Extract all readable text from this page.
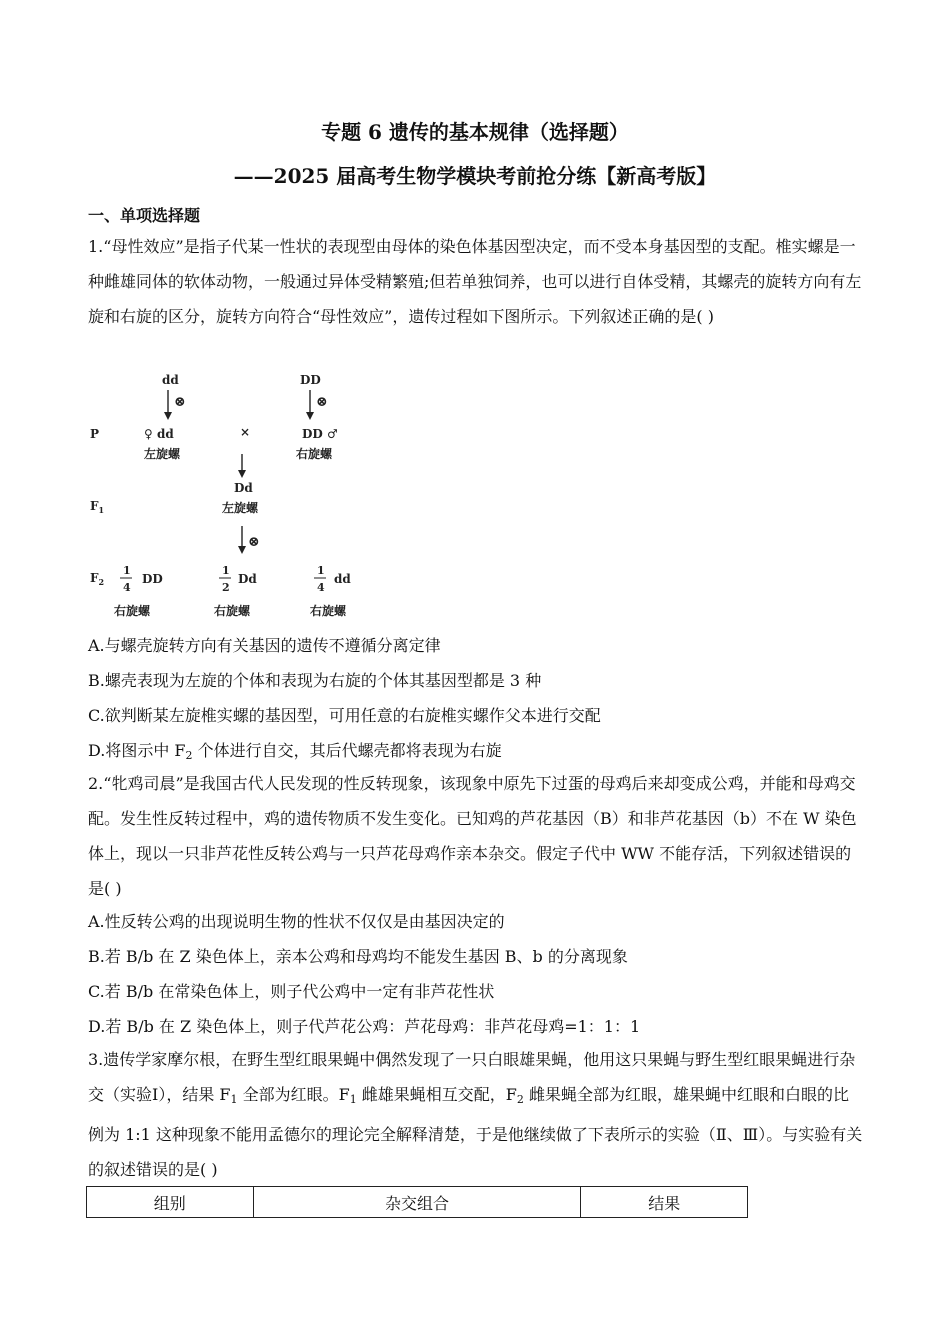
专题 6 遗传的基本规律（选择题）
——2025 届高考生物学模块考前抢分练【新高考版】
一、单项选择题
1.“母性效应”是指子代某一性状的表现型由母体的染色体基因型决定，而不受本身基因型的支配。椎实螺是一种雌雄同体的软体动物，一般通过异体受精繁殖;但若单独饲养，也可以进行自体受精，其螺壳的旋转方向有左旋和右旋的区分，旋转方向符合“母性效应”，遗传过程如下图所示。下列叙述正确的是( )
dd	DD
⊗	⊗
P	♀ dd	×	DD ♂
左旋螺	右旋螺
Dd
$F_1$	左旋螺
⊗
$F_2$
1
4
DD
右旋螺
1
2
Dd
右旋螺
1
4
dd
右旋螺
A.与螺壳旋转方向有关基因的遗传不遵循分离定律
B.螺壳表现为左旋的个体和表现为右旋的个体其基因型都是 3 种
C.欲判断某左旋椎实螺的基因型，可用任意的右旋椎实螺作父本进行交配
D.将图示中 $F_2$ 个体进行自交，其后代螺壳都将表现为右旋
2.“牝鸡司晨”是我国古代人民发现的性反转现象，该现象中原先下过蛋的母鸡后来却变成公鸡，并能和母鸡交配。发生性反转过程中，鸡的遗传物质不发生变化。已知鸡的芦花基因（B）和非芦花基因（b）不在 W 染色体上，现以一只非芦花性反转公鸡与一只芦花母鸡作亲本杂交。假定子代中 WW 不能存活，下列叙述错误的是( )
A.性反转公鸡的出现说明生物的性状不仅仅是由基因决定的
B.若 B/b 在 Z 染色体上，亲本公鸡和母鸡均不能发生基因 B、b 的分离现象
C.若 B/b 在常染色体上，则子代公鸡中一定有非芦花性状
D.若 B/b 在 Z 染色体上，则子代芦花公鸡：芦花母鸡：非芦花母鸡=1：1：1
3.遗传学家摩尔根，在野生型红眼果蝇中偶然发现了一只白眼雄果蝇，他用这只果蝇与野生型红眼果蝇进行杂交（实验Ⅰ），结果 $F_1$ 全部为红眼。$F_1$ 雌雄果蝇相互交配，$F_2$ 雌果蝇全部为红眼，雄果蝇中红眼和白眼的比例为 1:1 这种现象不能用孟德尔的理论完全解释清楚，于是他继续做了下表所示的实验（Ⅱ、Ⅲ）。与实验有关的叙述错误的是( )
组别	杂交组合	结果
